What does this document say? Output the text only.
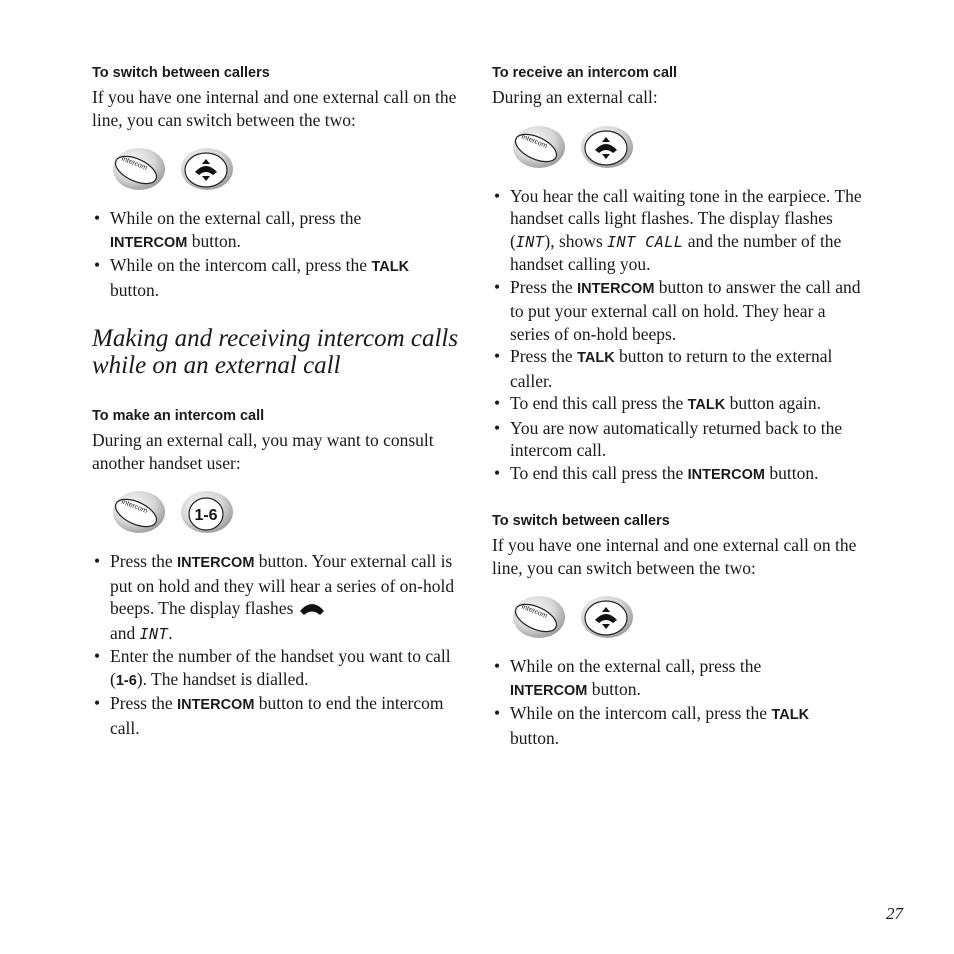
To switch between callers

If you have one internal and one external call on the line, you can switch between the two:

Intercom
• While on the external call, press the
INTERCOM button.
• While on the intercom call, press the TALK
button.
Making and receiving intercom calls while on an external call
To make an intercom call

During an external call, you may want to consult another handset user:

Intercom
1-6
• Press the INTERCOM button. Your external call is put on hold and they will hear a series of on-hold beeps. The display flashes
and INT.
• Enter the number of the handset you want to call (1-6). The handset is dialled.
• Press the INTERCOM button to end the intercom call.
To receive an intercom call

During an external call:

Intercom
• You hear the call waiting tone in the earpiece. The handset calls light flashes. The display flashes (INT), shows INT CALL and the number of the handset calling you.
• Press the INTERCOM button to answer the call and to put your external call on hold. They hear a series of on-hold beeps.
• Press the TALK button to return to the external caller.
• To end this call press the TALK button again.
• You are now automatically returned back to the intercom call.
• To end this call press the INTERCOM button.
To switch between callers

If you have one internal and one external call on the line, you can switch between the two:

Intercom
• While on the external call, press the
INTERCOM button.
• While on the intercom call, press the TALK
button.
27
